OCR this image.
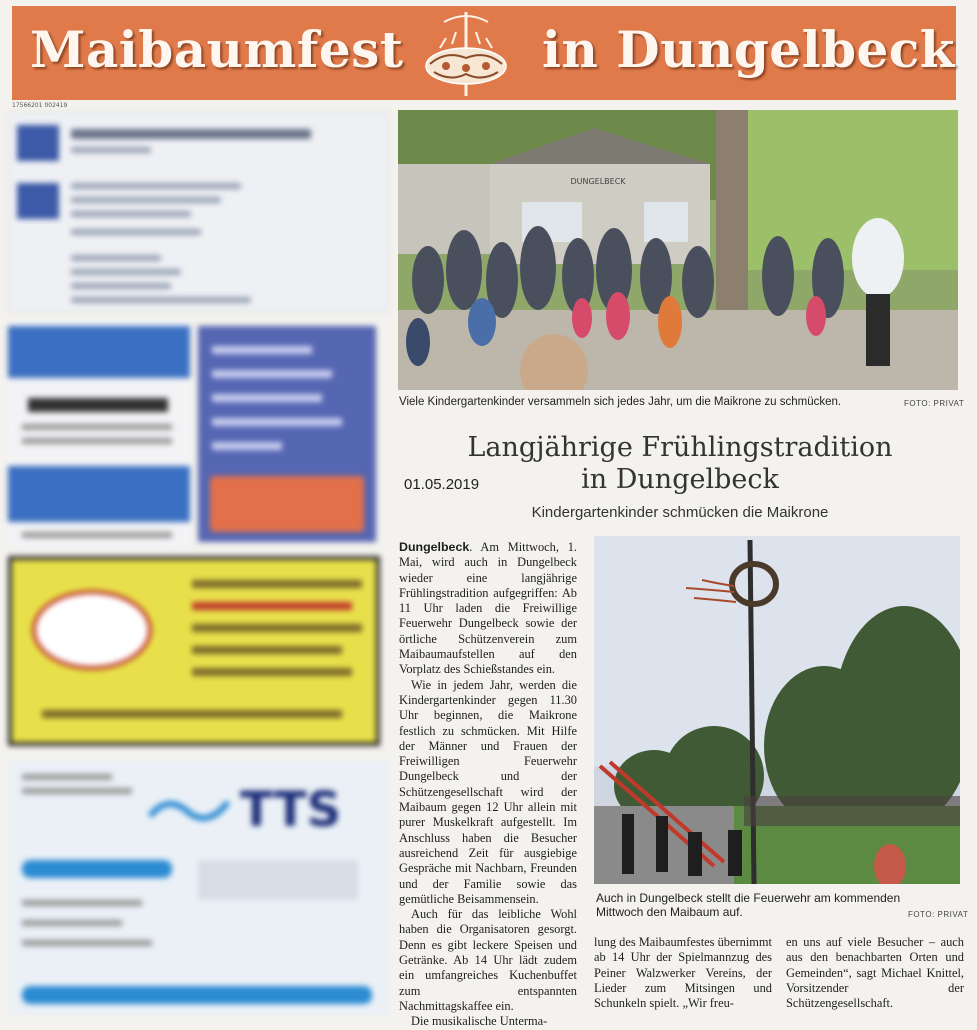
Maibaumfest	in Dungelbeck
17566201 002419
TTS
DUNGELBECK
Viele Kindergartenkinder versammeln sich jedes Jahr, um die Maikrone zu schmücken.	FOTO: PRIVAT
Langjährige Frühlingstradition
in Dungelbeck
01.05.2019
Kindergartenkinder schmücken die Maikrone

Dungelbeck. Am Mittwoch, 1. Mai, wird auch in Dungelbeck wieder eine langjährige Frühlingstradition aufgegriffen: Ab 11 Uhr laden die Freiwillige Feuerwehr Dungelbeck sowie der örtliche Schützenverein zum Maibaumaufstellen auf den Vorplatz des Schießstandes ein.

Wie in jedem Jahr, werden die Kindergartenkinder gegen 11.30 Uhr beginnen, die Maikrone festlich zu schmücken. Mit Hilfe der Männer und Frauen der Freiwilligen Feuerwehr Dungelbeck und der Schützengesellschaft wird der Maibaum gegen 12 Uhr allein mit purer Muskelkraft aufgestellt. Im Anschluss haben die Besucher ausreichend Zeit für ausgiebige Gespräche mit Nachbarn, Freunden und der Familie sowie das gemütliche Beisammensein.

Auch für das leibliche Wohl haben die Organisatoren gesorgt. Denn es gibt leckere Speisen und Getränke. Ab 14 Uhr lädt zudem ein umfangreiches Kuchenbuffet zum entspannten Nachmittagskaffee ein.

Die musikalische Unterma-

Auch in Dungelbeck stellt die Feuerwehr am kommenden Mittwoch den Maibaum auf.	FOTO: PRIVAT

lung des Maibaumfestes übernimmt ab 14 Uhr der Spielmannzug des Peiner Walzwerker Vereins, der Lieder zum Mitsingen und Schunkeln spielt. „Wir freu-

en uns auf viele Besucher – auch aus den benachbarten Orten und Gemeinden“, sagt Michael Knittel, Vorsitzender der Schützengesellschaft.
